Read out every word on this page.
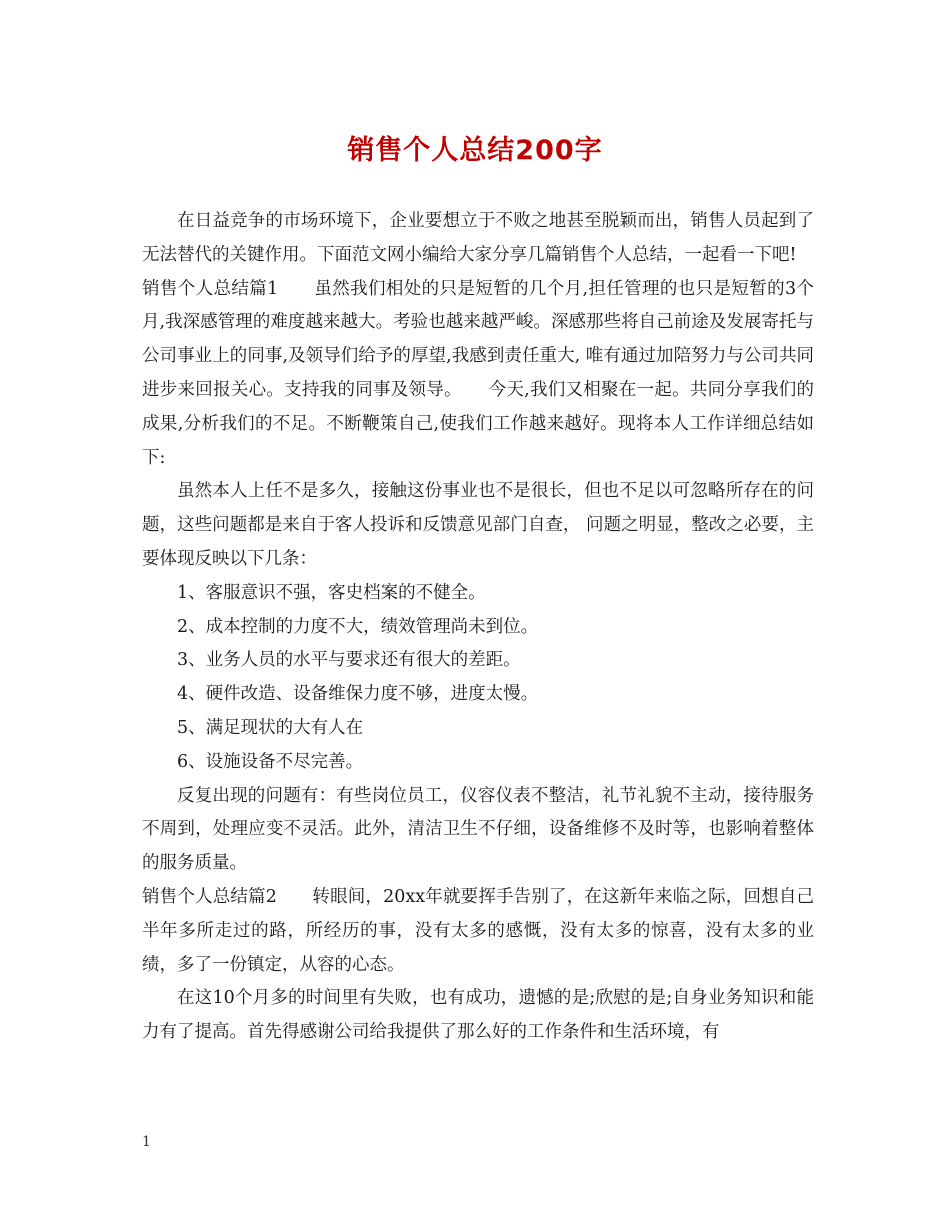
销售个人总结200字

在日益竞争的市场环境下，企业要想立于不败之地甚至脱颖而出，销售人员起到了无法替代的关键作用。下面范文网小编给大家分享几篇销售个人总结，一起看一下吧!

销售个人总结篇1　　虽然我们相处的只是短暂的几个月,担任管理的也只是短暂的3个月,我深感管理的难度越来越大。考验也越来越严峻。深感那些将自己前途及发展寄托与公司事业上的同事,及领导们给予的厚望,我感到责任重大, 唯有通过加陪努力与公司共同进步来回报关心。支持我的同事及领导。　　今天,我们又相聚在一起。共同分享我们的成果,分析我们的不足。不断鞭策自己,使我们工作越来越好。现将本人工作详细总结如下:

虽然本人上任不是多久，接触这份事业也不是很长，但也不足以可忽略所存在的问题，这些问题都是来自于客人投诉和反馈意见部门自查， 问题之明显，整改之必要，主要体现反映以下几条：

1、客服意识不强，客史档案的不健全。

2、成本控制的力度不大，绩效管理尚未到位。

3、业务人员的水平与要求还有很大的差距。

4、硬件改造、设备维保力度不够，进度太慢。

5、满足现状的大有人在

6、设施设备不尽完善。

反复出现的问题有：有些岗位员工，仪容仪表不整洁，礼节礼貌不主动，接待服务不周到，处理应变不灵活。此外，清洁卫生不仔细，设备维修不及时等，也影响着整体的服务质量。

销售个人总结篇2　　转眼间，20xx年就要挥手告别了，在这新年来临之际，回想自己半年多所走过的路，所经历的事，没有太多的感慨，没有太多的惊喜，没有太多的业绩，多了一份镇定，从容的心态。

在这10个月多的时间里有失败，也有成功，遗憾的是;欣慰的是;自身业务知识和能力有了提高。首先得感谢公司给我提供了那么好的工作条件和生活环境，有

1
